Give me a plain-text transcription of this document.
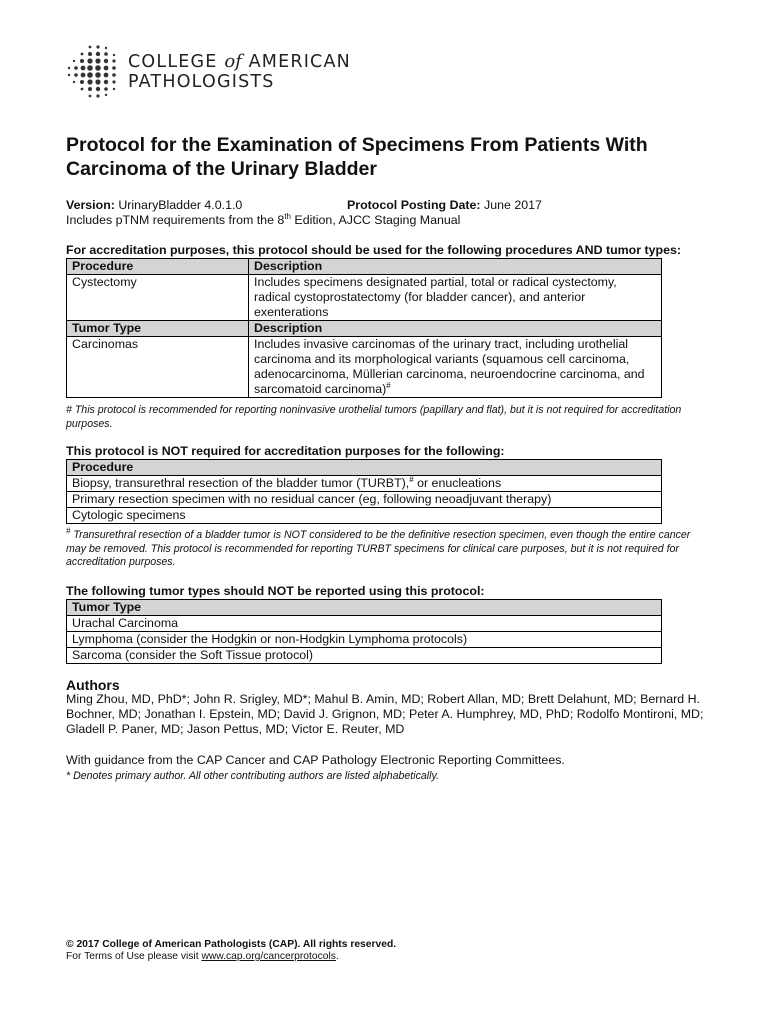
COLLEGE of AMERICAN
PATHOLOGISTS
Protocol for the Examination of Specimens From Patients With
Carcinoma of the Urinary Bladder
Version: UrinaryBladder 4.0.1.0	Protocol Posting Date: June 2017
Includes pTNM requirements from the 8th Edition, AJCC Staging Manual
For accreditation purposes, this protocol should be used for the following procedures AND tumor types:
Procedure	Description
Cystectomy	Includes specimens designated partial, total or radical cystectomy, radical cystoprostatectomy (for bladder cancer), and anterior exenterations
Tumor Type	Description
Carcinomas	Includes invasive carcinomas of the urinary tract, including urothelial carcinoma and its morphological variants (squamous cell carcinoma, adenocarcinoma, Müllerian carcinoma, neuroendocrine carcinoma, and sarcomatoid carcinoma)#
# This protocol is recommended for reporting noninvasive urothelial tumors (papillary and flat), but it is not required for accreditation purposes.
This protocol is NOT required for accreditation purposes for the following:
Procedure
Biopsy, transurethral resection of the bladder tumor (TURBT),# or enucleations
Primary resection specimen with no residual cancer (eg, following neoadjuvant therapy)
Cytologic specimens
# Transurethral resection of a bladder tumor is NOT considered to be the definitive resection specimen, even though the entire cancer may be removed. This protocol is recommended for reporting TURBT specimens for clinical care purposes, but it is not required for accreditation purposes.
The following tumor types should NOT be reported using this protocol:
Tumor Type
Urachal Carcinoma
Lymphoma (consider the Hodgkin or non-Hodgkin Lymphoma protocols)
Sarcoma (consider the Soft Tissue protocol)
Authors
Ming Zhou, MD, PhD*; John R. Srigley, MD*; Mahul B. Amin, MD; Robert Allan, MD; Brett Delahunt, MD; Bernard H. Bochner, MD; Jonathan I. Epstein, MD; David J. Grignon, MD; Peter A. Humphrey, MD, PhD; Rodolfo Montironi, MD; Gladell P. Paner, MD; Jason Pettus, MD; Victor E. Reuter, MD
With guidance from the CAP Cancer and CAP Pathology Electronic Reporting Committees.
* Denotes primary author. All other contributing authors are listed alphabetically.
© 2017 College of American Pathologists (CAP). All rights reserved.
For Terms of Use please visit www.cap.org/cancerprotocols.
